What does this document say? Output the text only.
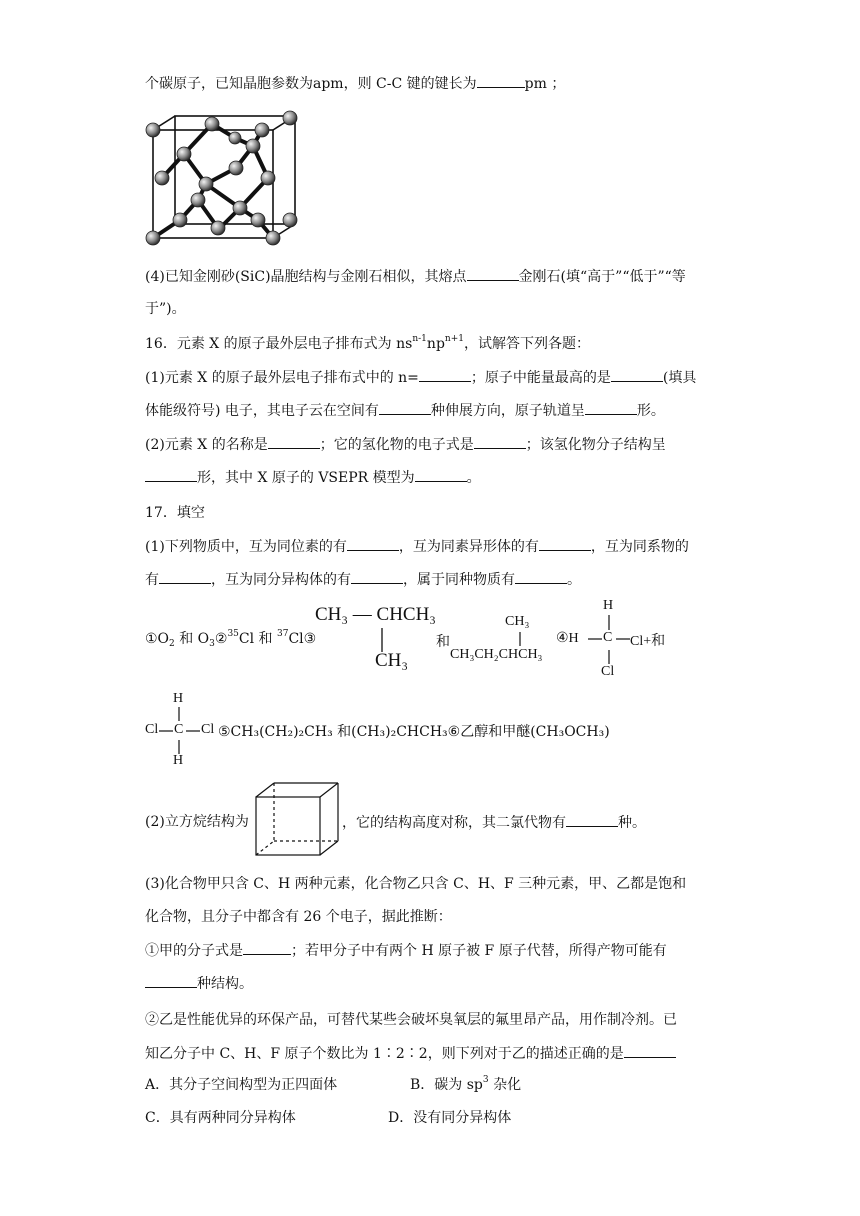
个碳原子，已知晶胞参数为apm，则 C-C 键的键长为	pm ；
(4)已知金刚砂(SiC)晶胞结构与金刚石相似，其熔点	金刚石(填“高于”“低于”“等
于”)。
16．元素 X 的原子最外层电子排布式为 $ns^{n-1}np^{n+1}$，试解答下列各题：
(1)元素 X 的原子最外层电子排布式中的 n=	；原子中能量最高的是	(填具
体能级符号) 电子，其电子云在空间有	种伸展方向，原子轨道呈	形。
(2)元素 X 的名称是	；它的氢化物的电子式是	；该氢化物分子结构呈
形，其中 X 原子的 VSEPR 模型为	。
17．填空
(1)下列物质中，互为同位素的有	，互为同素异形体的有	，互为同系物的
有	，互为同分异构体的有	，属于同种物质有	。
$①O_2$ 和 $O_3②^{35}Cl$ 和 $^{37}$Cl③
CH₃ — CHCH₃
CH₃
和
CH₃
CH₃CH₂CHCH₃
④H C Cl+和
H
Cl
H
Cl C Cl
H
⑤CH₃(CH₂)₂CH₃ 和(CH₃)₂CHCH₃⑥乙醇和甲醚(CH₃OCH₃)
(2)立方烷结构为	，它的结构高度对称，其二氯代物有	种。
(3)化合物甲只含 C、H 两种元素，化合物乙只含 C、H、F 三种元素，甲、乙都是饱和
化合物，且分子中都含有 26 个电子，据此推断：
①甲的分子式是	；若甲分子中有两个 H 原子被 F 原子代替，所得产物可能有
种结构。
②乙是性能优异的环保产品，可替代某些会破坏臭氧层的氟里昂产品，用作制冷剂。已
知乙分子中 C、H、F 原子个数比为 1∶2∶2，则下列对于乙的描述正确的是
A．其分子空间构型为正四面体	B．碳为 $sp^3$ 杂化
C．具有两种同分异构体	D．没有同分异构体
